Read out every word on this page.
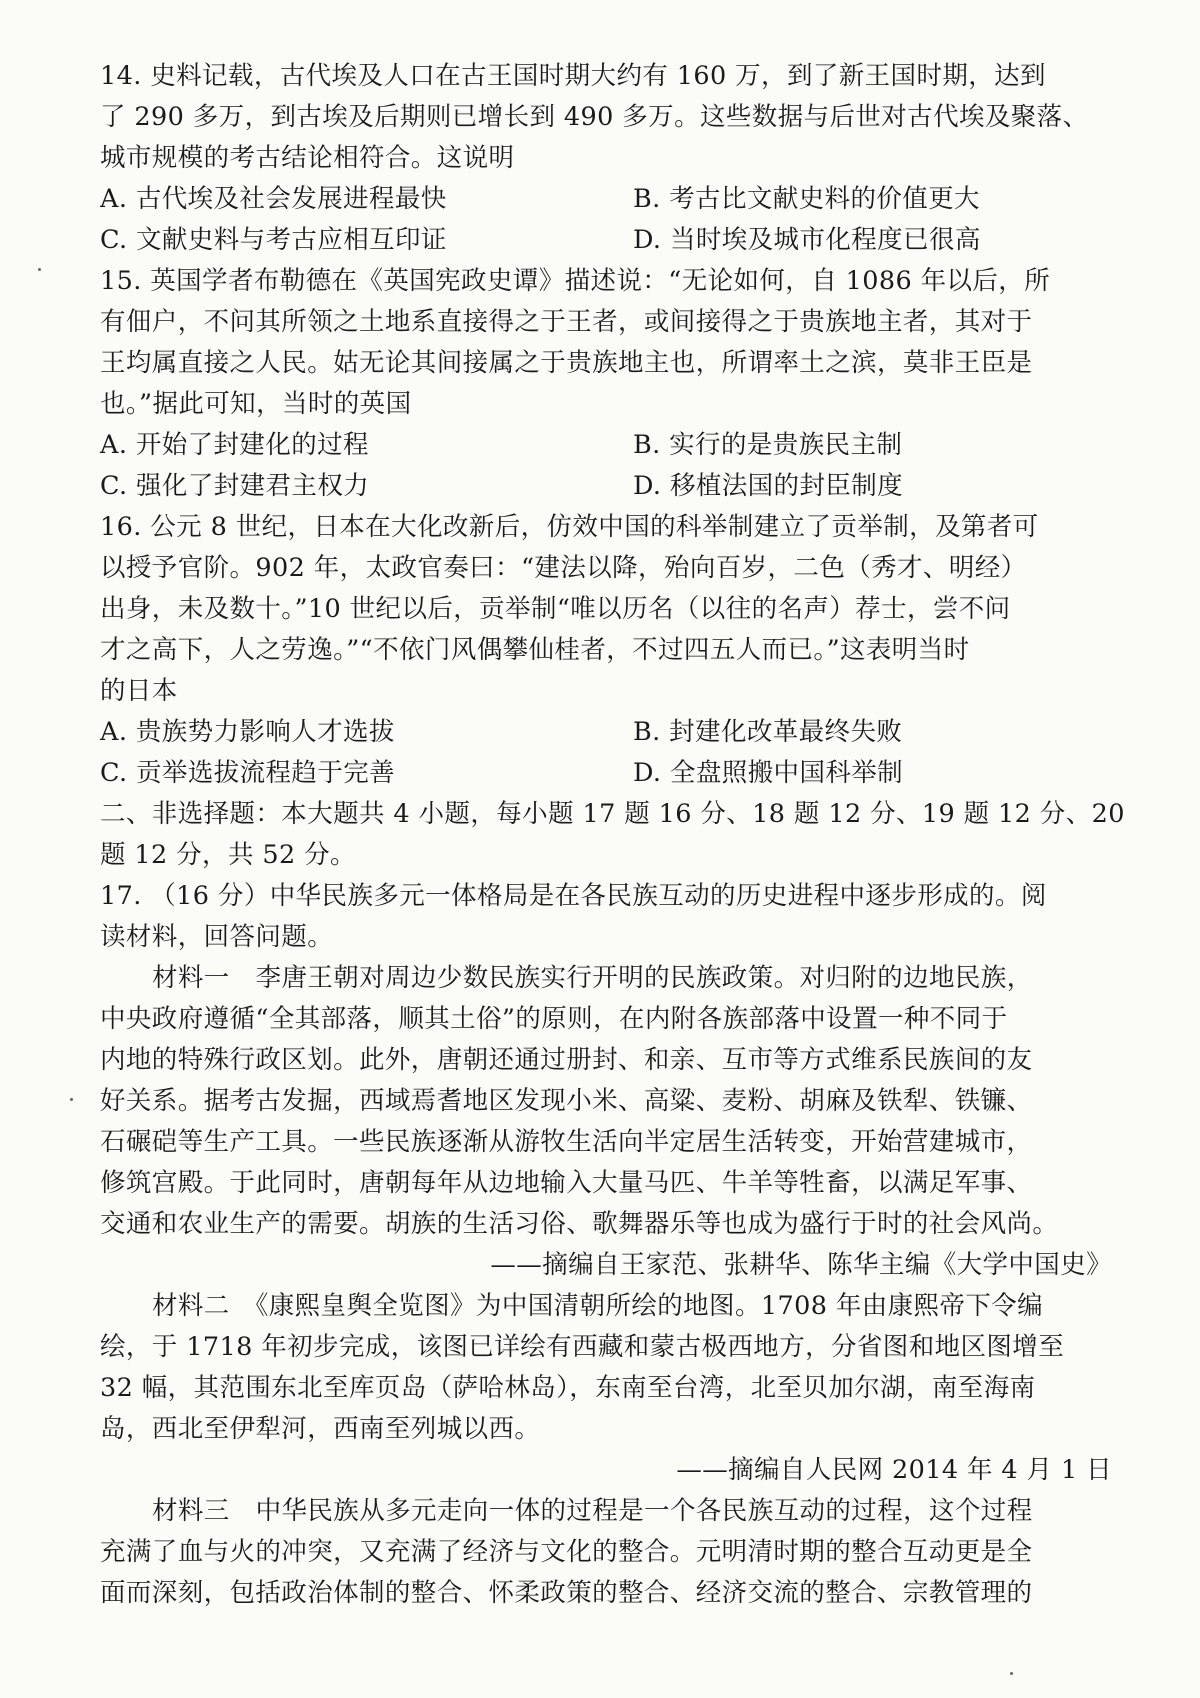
14. 史料记载，古代埃及人口在古王国时期大约有 160 万，到了新王国时期，达到
了 290 多万，到古埃及后期则已增长到 490 多万。这些数据与后世对古代埃及聚落、
城市规模的考古结论相符合。这说明
A. 古代埃及社会发展进程最快	B. 考古比文献史料的价值更大
C. 文献史料与考古应相互印证	D. 当时埃及城市化程度已很高
15. 英国学者布勒德在《英国宪政史谭》描述说：“无论如何，自 1086 年以后，所
有佃户，不问其所领之土地系直接得之于王者，或间接得之于贵族地主者，其对于
王均属直接之人民。姑无论其间接属之于贵族地主也，所谓率土之滨，莫非王臣是
也。”据此可知，当时的英国
A. 开始了封建化的过程	B. 实行的是贵族民主制
C. 强化了封建君主权力	D. 移植法国的封臣制度
16. 公元 8 世纪，日本在大化改新后，仿效中国的科举制建立了贡举制，及第者可
以授予官阶。902 年，太政官奏曰：“建法以降，殆向百岁，二色（秀才、明经）
出身，未及数十。”10 世纪以后，贡举制“唯以历名（以往的名声）荐士，尝不问
才之高下，人之劳逸。”“不依门风偶攀仙桂者，不过四五人而已。”这表明当时
的日本
A. 贵族势力影响人才选拔	B. 封建化改革最终失败
C. 贡举选拔流程趋于完善	D. 全盘照搬中国科举制
二、非选择题：本大题共 4 小题，每小题 17 题 16 分、18 题 12 分、19 题 12 分、20
题 12 分，共 52 分。
17. （16 分）中华民族多元一体格局是在各民族互动的历史进程中逐步形成的。阅
读材料，回答问题。
材料一　李唐王朝对周边少数民族实行开明的民族政策。对归附的边地民族，
中央政府遵循“全其部落，顺其土俗”的原则，在内附各族部落中设置一种不同于
内地的特殊行政区划。此外，唐朝还通过册封、和亲、互市等方式维系民族间的友
好关系。据考古发掘，西域焉耆地区发现小米、高粱、麦粉、胡麻及铁犁、铁镰、
石碾硙等生产工具。一些民族逐渐从游牧生活向半定居生活转变，开始营建城市，
修筑宫殿。于此同时，唐朝每年从边地输入大量马匹、牛羊等牲畜，以满足军事、
交通和农业生产的需要。胡族的生活习俗、歌舞器乐等也成为盛行于时的社会风尚。
——摘编自王家范、张耕华、陈华主编《大学中国史》
材料二　《康熙皇舆全览图》为中国清朝所绘的地图。1708 年由康熙帝下令编
绘，于 1718 年初步完成，该图已详绘有西藏和蒙古极西地方，分省图和地区图增至
32 幅，其范围东北至库页岛（萨哈林岛），东南至台湾，北至贝加尔湖，南至海南
岛，西北至伊犁河，西南至列城以西。
——摘编自人民网 2014 年 4 月 1 日
材料三　中华民族从多元走向一体的过程是一个各民族互动的过程，这个过程
充满了血与火的冲突，又充满了经济与文化的整合。元明清时期的整合互动更是全
面而深刻，包括政治体制的整合、怀柔政策的整合、经济交流的整合、宗教管理的
